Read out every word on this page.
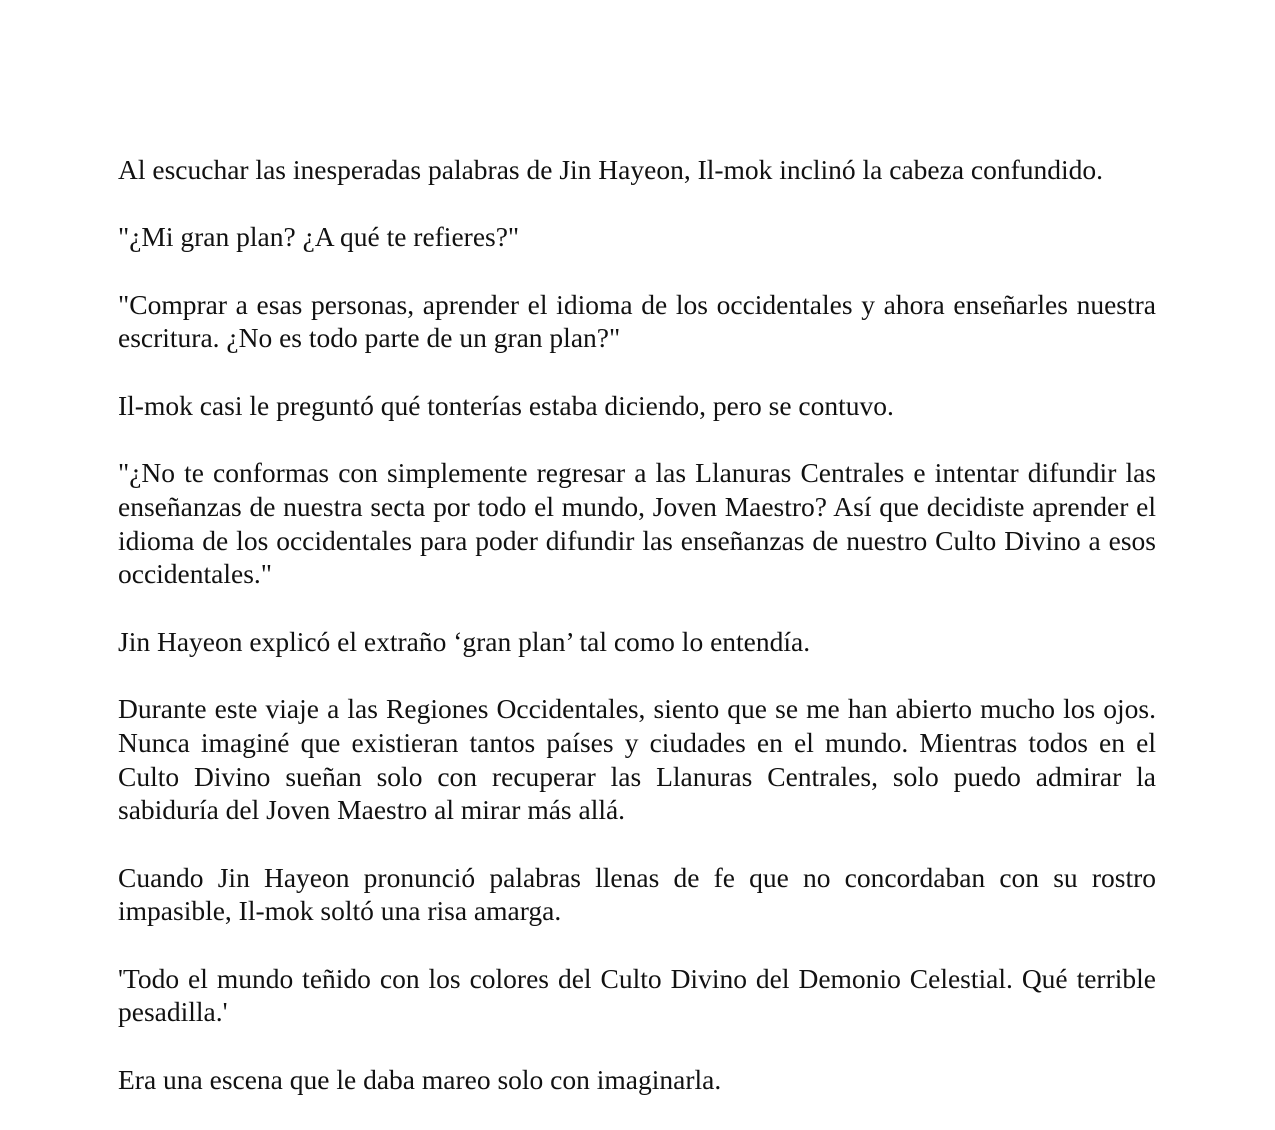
Al escuchar las inesperadas palabras de Jin Hayeon, Il-mok inclinó la cabeza confundido.

"¿Mi gran plan? ¿A qué te refieres?"

"Comprar a esas personas, aprender el idioma de los occidentales y ahora enseñarles nuestra escritura. ¿No es todo parte de un gran plan?"

Il-mok casi le preguntó qué tonterías estaba diciendo, pero se contuvo.

"¿No te conformas con simplemente regresar a las Llanuras Centrales e intentar difundir las enseñanzas de nuestra secta por todo el mundo, Joven Maestro? Así que decidiste aprender el idioma de los occidentales para poder difundir las enseñanzas de nuestro Culto Divino a esos occidentales."

Jin Hayeon explicó el extraño ‘gran plan’ tal como lo entendía.

Durante este viaje a las Regiones Occidentales, siento que se me han abierto mucho los ojos. Nunca imaginé que existieran tantos países y ciudades en el mundo. Mientras todos en el Culto Divino sueñan solo con recuperar las Llanuras Centrales, solo puedo admirar la sabiduría del Joven Maestro al mirar más allá.

Cuando Jin Hayeon pronunció palabras llenas de fe que no concordaban con su rostro impasible, Il-mok soltó una risa amarga.

'Todo el mundo teñido con los colores del Culto Divino del Demonio Celestial. Qué terrible pesadilla.'

Era una escena que le daba mareo solo con imaginarla.
